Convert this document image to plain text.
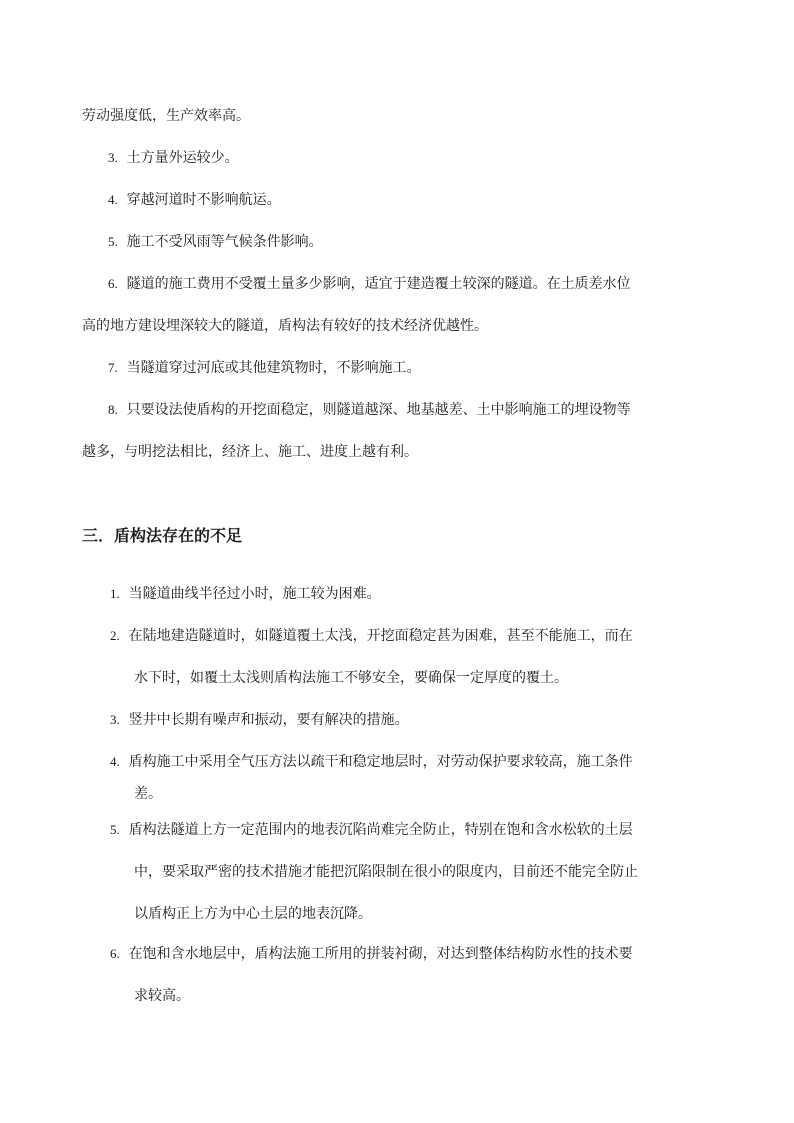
劳动强度低，生产效率高。
3. 土方量外运较少。
4. 穿越河道时不影响航运。
5. 施工不受风雨等气候条件影响。
6. 隧道的施工费用不受覆土量多少影响，适宜于建造覆土较深的隧道。在土质差水位
高的地方建设埋深较大的隧道，盾构法有较好的技术经济优越性。
7. 当隧道穿过河底或其他建筑物时，不影响施工。
8. 只要设法使盾构的开挖面稳定，则隧道越深、地基越差、土中影响施工的埋设物等
越多，与明挖法相比，经济上、施工、进度上越有利。
三．盾构法存在的不足
1. 当隧道曲线半径过小时，施工较为困难。
2. 在陆地建造隧道时，如隧道覆土太浅，开挖面稳定甚为困难，甚至不能施工，而在
水下时，如覆土太浅则盾构法施工不够安全，要确保一定厚度的覆土。
3. 竖井中长期有噪声和振动，要有解决的措施。
4. 盾构施工中采用全气压方法以疏干和稳定地层时，对劳动保护要求较高，施工条件
差。
5. 盾构法隧道上方一定范围内的地表沉陷尚难完全防止，特别在饱和含水松软的土层
中，要采取严密的技术措施才能把沉陷限制在很小的限度内，目前还不能完全防止
以盾构正上方为中心土层的地表沉降。
6. 在饱和含水地层中，盾构法施工所用的拼装衬砌，对达到整体结构防水性的技术要
求较高。
